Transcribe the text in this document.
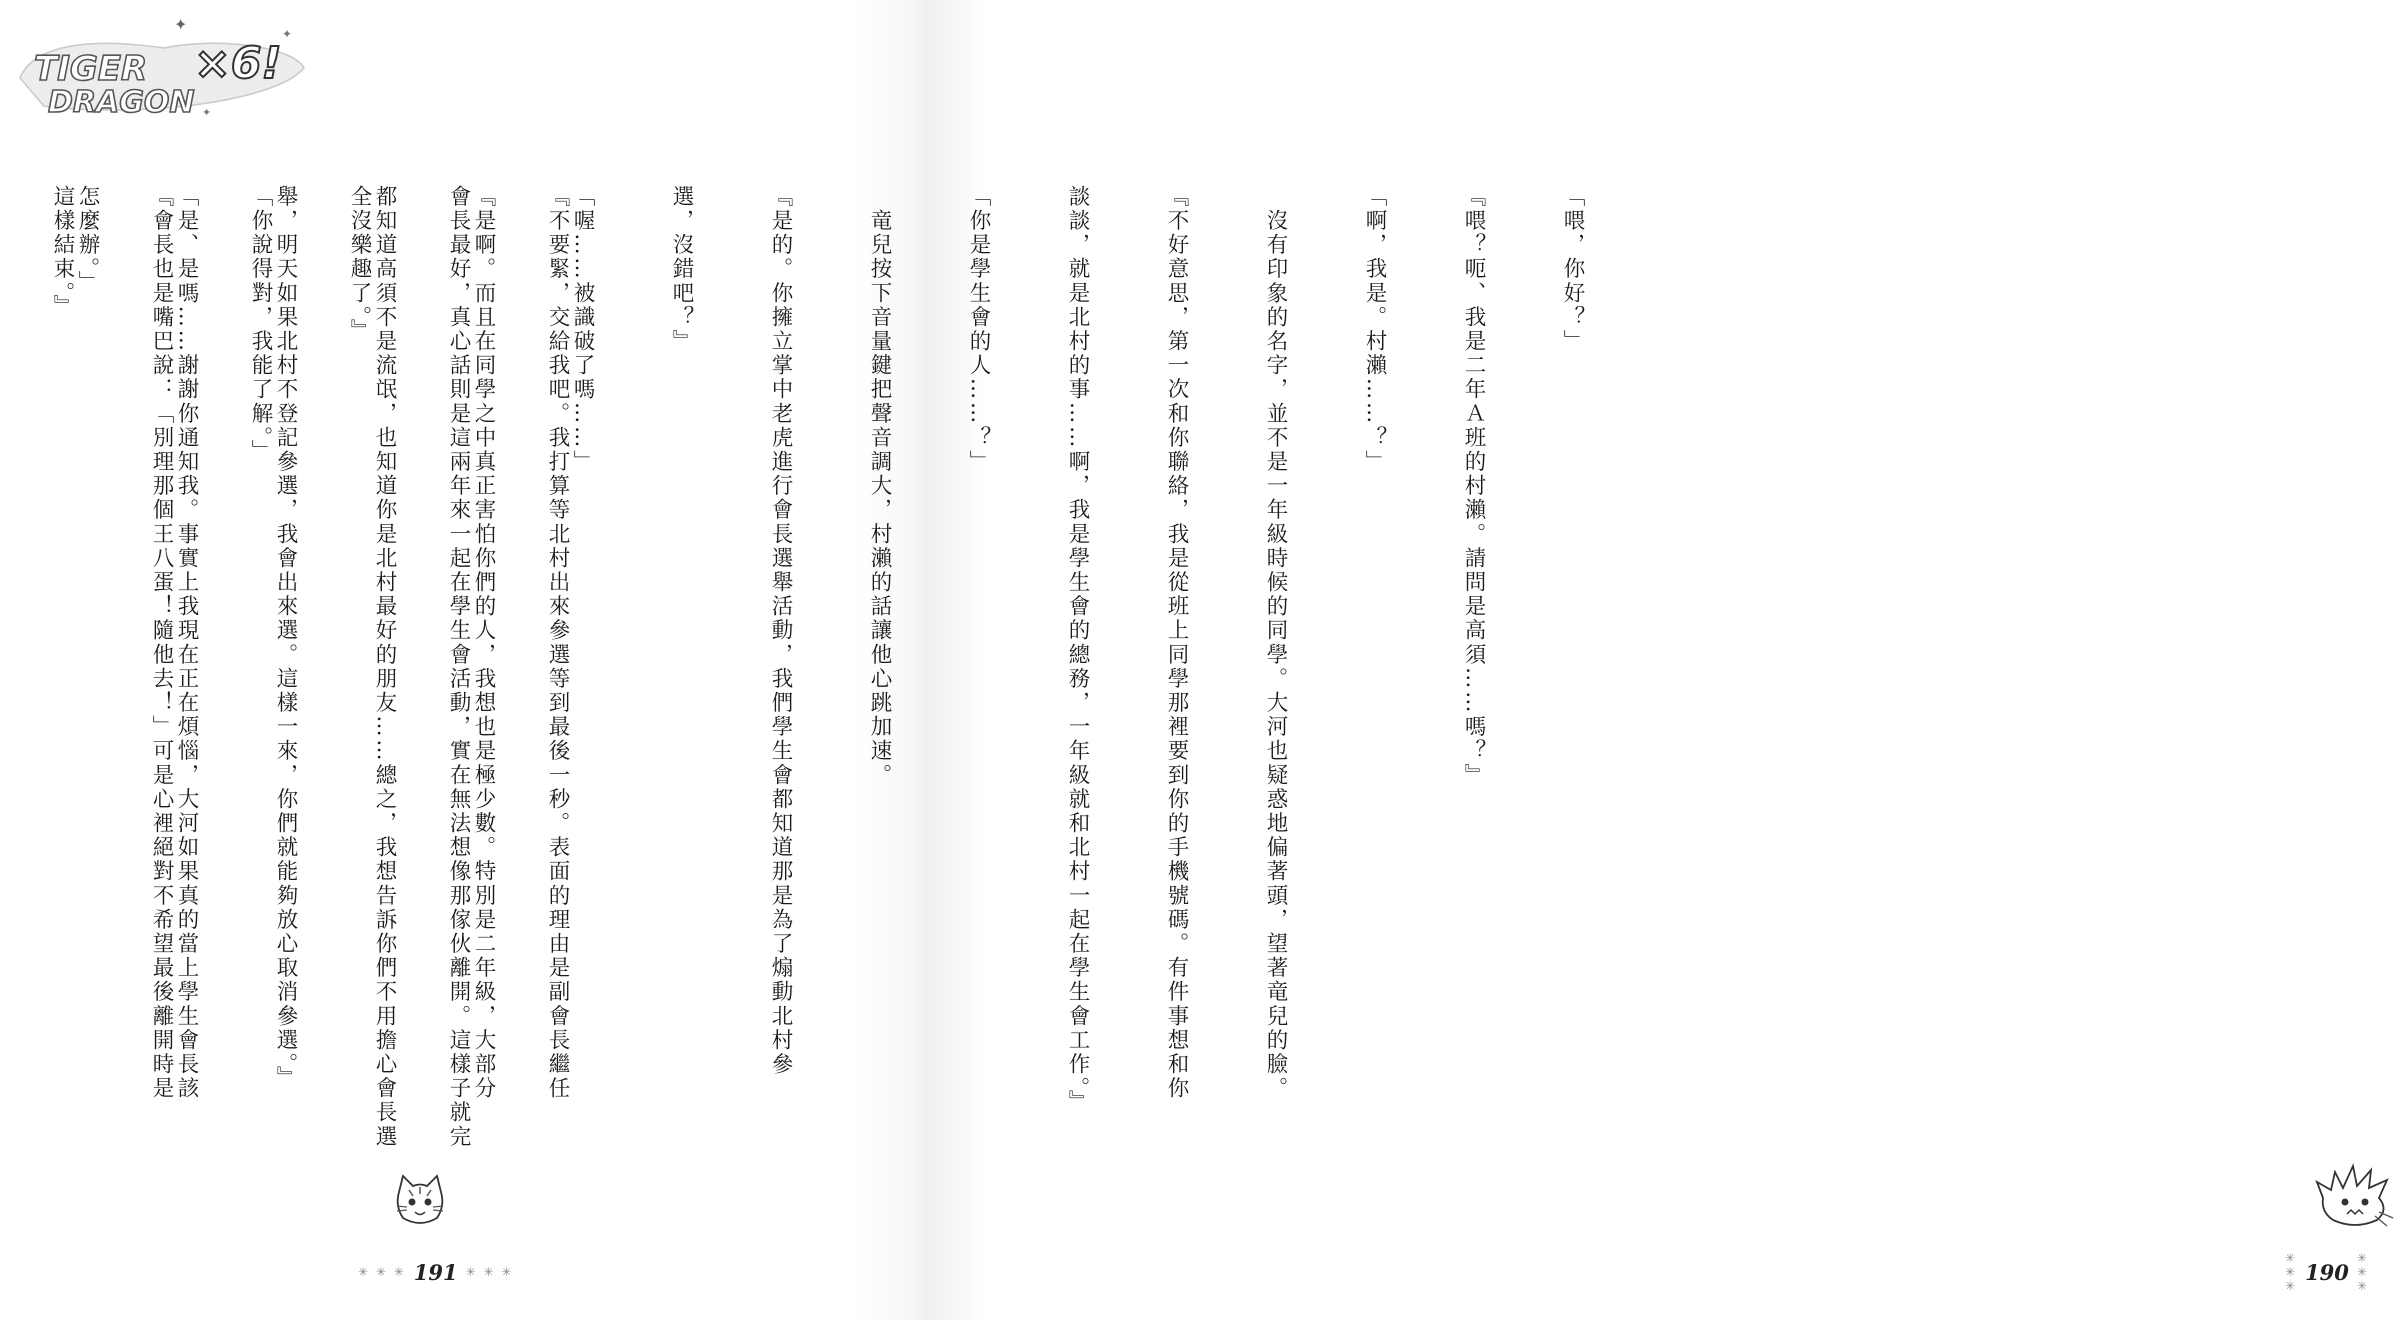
TIGER
DRAGON
×6!
✦	✦
✦

『不要緊，交給我吧。我打算等北村出來參選等到最後一秒。表面的理由是副會長繼任

會長最好，真心話則是這兩年來一起在學生會活動，實在無法想像那傢伙離開。這樣子就完

全沒樂趣了。』

「你說得對，我能了解。」

『會長也是嘴巴說：「別理那個王八蛋！隨他去！」可是心裡絕對不希望最後離開時是

這樣結束。』

✳ ✳ ✳ 191 ✳ ✳ ✳

「喂，你好？」

『喂？呃、我是二年Ａ班的村瀨。請問是高須……嗎？』

「啊，我是。村瀨……？」

　沒有印象的名字，並不是一年級時候的同學。大河也疑惑地偏著頭，望著竜兒的臉。

『不好意思，第一次和你聯絡，我是從班上同學那裡要到你的手機號碼。有件事想和你

談談，就是北村的事……啊，我是學生會的總務，一年級就和北村一起在學生會工作。』

「你是學生會的人……？」

　竜兒按下音量鍵把聲音調大，村瀨的話讓他心跳加速。

『是的。你擁立掌中老虎進行會長選舉活動，我們學生會都知道那是為了煽動北村參

選，沒錯吧？』

「喔……被識破了嗎……」

『是啊。而且在同學之中真正害怕你們的人，我想也是極少數。特別是二年級，大部分

都知道高須不是流氓，也知道你是北村最好的朋友……總之，我想告訴你們不用擔心會長選

舉，明天如果北村不登記參選，我會出來選。這樣一來，你們就能夠放心取消參選。』

「是、是嗎……謝謝你通知我。事實上我現在正在煩惱，大河如果真的當上學生會長該

怎麼辦。」

✳ ✳ ✳
190
✳ ✳ ✳
